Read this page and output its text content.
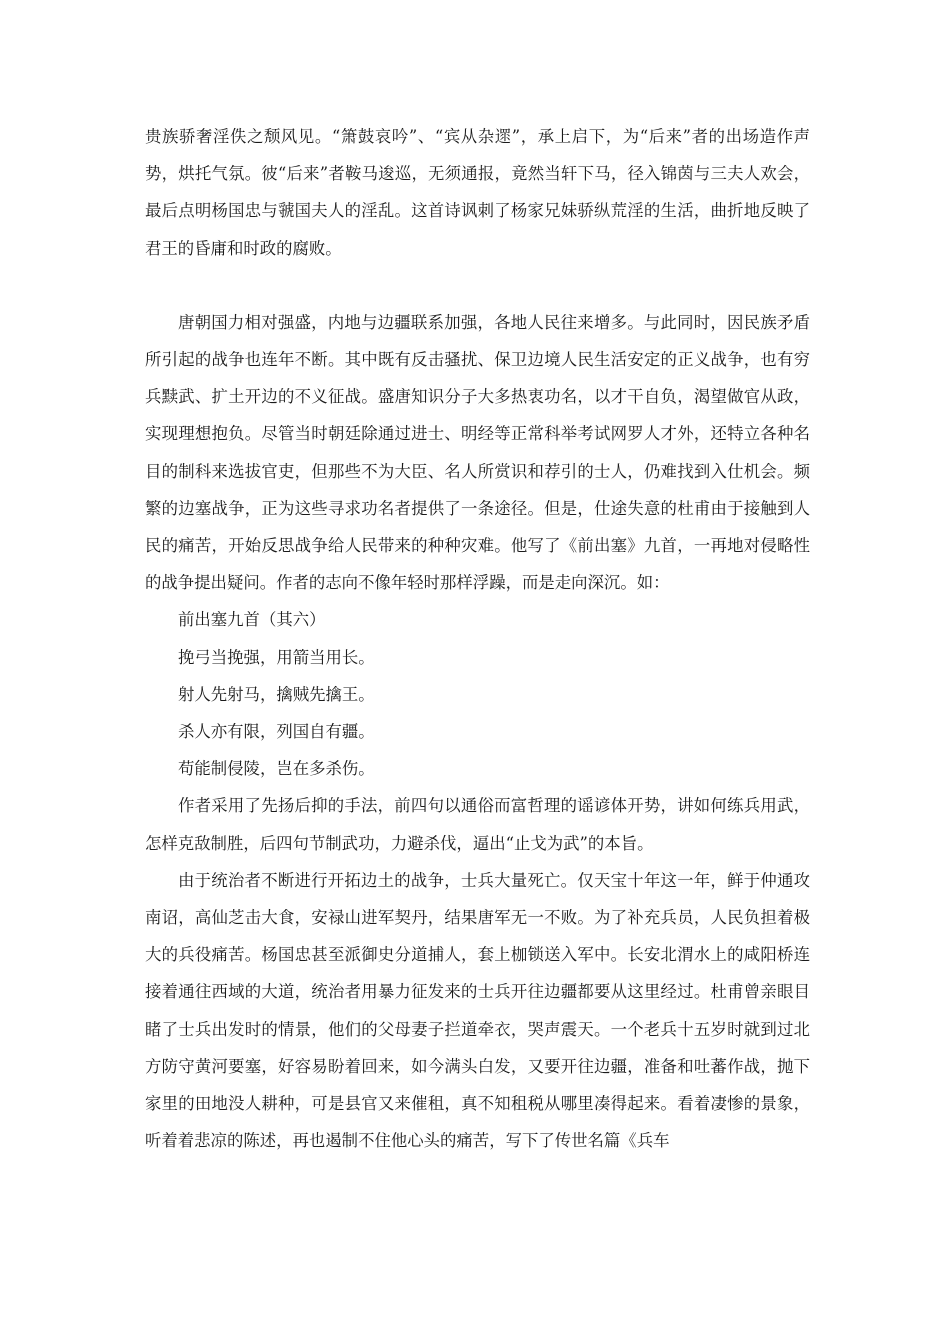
贵族骄奢淫佚之颓风见。“箫鼓哀吟”、“宾从杂遝”，承上启下，为“后来”者的出场造作声势，烘托气氛。彼“后来”者鞍马逡巡，无须通报，竟然当轩下马，径入锦茵与三夫人欢会，最后点明杨国忠与虢国夫人的淫乱。这首诗讽刺了杨家兄妹骄纵荒淫的生活，曲折地反映了君王的昏庸和时政的腐败。

唐朝国力相对强盛，内地与边疆联系加强，各地人民往来增多。与此同时，因民族矛盾所引起的战争也连年不断。其中既有反击骚扰、保卫边境人民生活安定的正义战争，也有穷兵黩武、扩土开边的不义征战。盛唐知识分子大多热衷功名，以才干自负，渴望做官从政，实现理想抱负。尽管当时朝廷除通过进士、明经等正常科举考试网罗人才外，还特立各种名目的制科来选拔官吏，但那些不为大臣、名人所赏识和荐引的士人，仍难找到入仕机会。频繁的边塞战争，正为这些寻求功名者提供了一条途径。但是，仕途失意的杜甫由于接触到人民的痛苦，开始反思战争给人民带来的种种灾难。他写了《前出塞》九首，一再地对侵略性的战争提出疑问。作者的志向不像年轻时那样浮躁，而是走向深沉。如：

前出塞九首（其六）

挽弓当挽强，用箭当用长。

射人先射马，擒贼先擒王。

杀人亦有限，列国自有疆。

苟能制侵陵，岂在多杀伤。

作者采用了先扬后抑的手法，前四句以通俗而富哲理的谣谚体开势，讲如何练兵用武，怎样克敌制胜，后四句节制武功，力避杀伐，逼出“止戈为武”的本旨。

由于统治者不断进行开拓边土的战争，士兵大量死亡。仅天宝十年这一年，鲜于仲通攻南诏，高仙芝击大食，安禄山进军契丹，结果唐军无一不败。为了补充兵员，人民负担着极大的兵役痛苦。杨国忠甚至派御史分道捕人，套上枷锁送入军中。长安北渭水上的咸阳桥连接着通往西域的大道，统治者用暴力征发来的士兵开往边疆都要从这里经过。杜甫曾亲眼目睹了士兵出发时的情景，他们的父母妻子拦道牵衣，哭声震天。一个老兵十五岁时就到过北方防守黄河要塞，好容易盼着回来，如今满头白发，又要开往边疆，准备和吐蕃作战，抛下家里的田地没人耕种，可是县官又来催租，真不知租税从哪里凑得起来。看着凄惨的景象，听着着悲凉的陈述，再也遏制不住他心头的痛苦，写下了传世名篇《兵车
